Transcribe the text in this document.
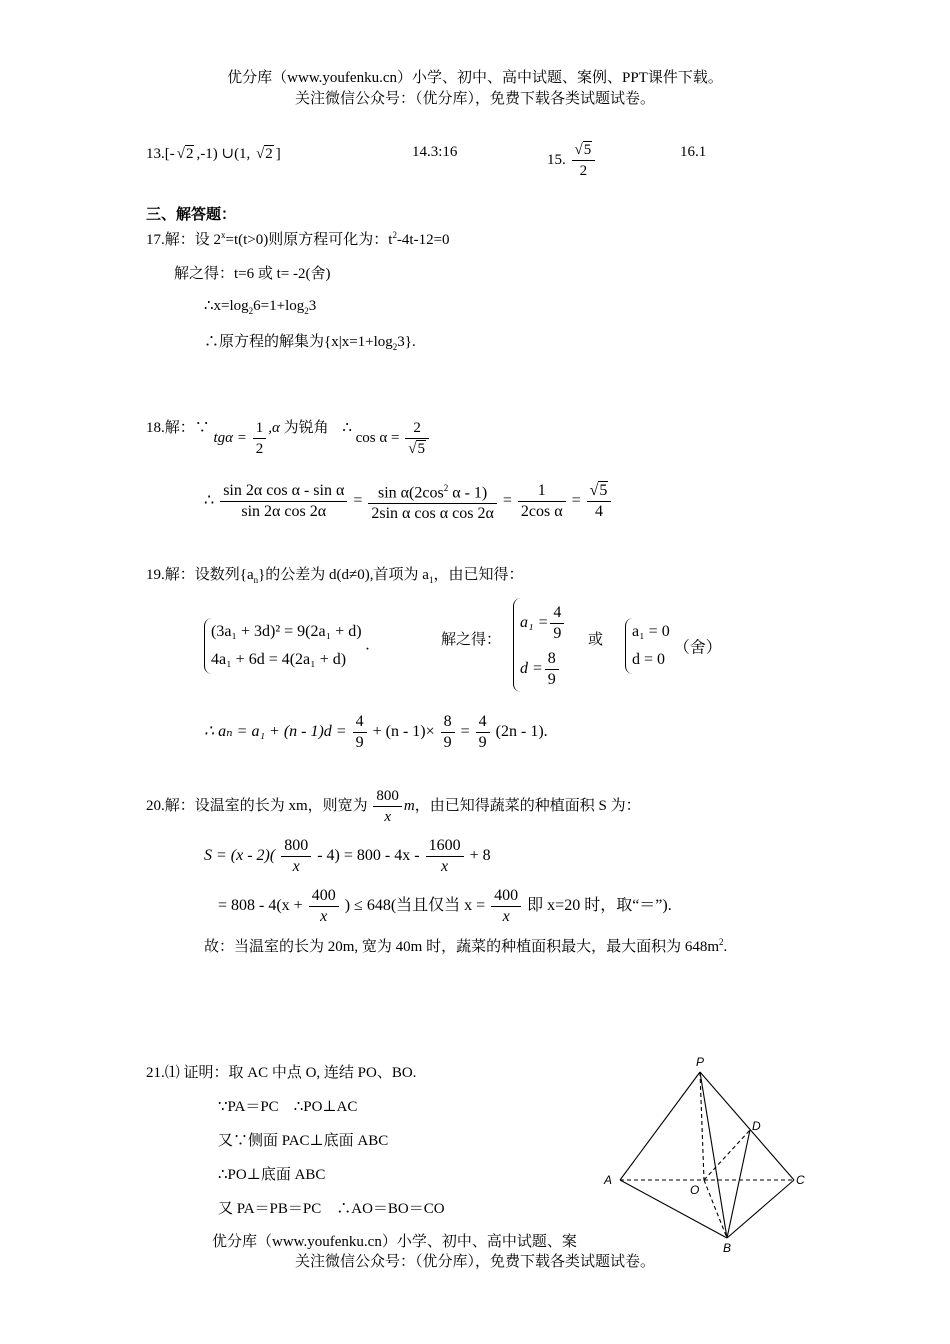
优分库（www.youfenku.cn）小学、初中、高中试题、案例、PPT课件下载。
关注微信公众号：（优分库），免费下载各类试题试卷。
13.[- √2 ,-1) ∪(1, √2 ]	14.3:16	15. $\frac{√5}{2}$	16.1
三、解答题：
17.解：设 $2^x=t(t>0)$则原方程可化为：$t^2-4t-12=0$
解之得：t=6 或 t= -2(舍)
$\therefore x=\log_26=1+\log_23$
∴原方程的解集为$\{x|x=1+\log_23\}$.
18.解：∵ $tg\alpha = \frac{1}{2} ,\alpha$ 为锐角 ∴ $\cos \alpha = \frac{2}{√5}$
∴ $\frac{\text{sin 2α cos α - sin α}}{\text{sin 2α cos 2α}} = \frac{\sin \alpha(2\cos^2 \alpha - 1)}{\text{2sin α cos α cos 2α}} = \frac{1}{\text{2cos α}} = \frac{√5}{4}$
19.解：设数列$\{a_n\}$的公差为 d(d≠0),首项为 $a_1$，由已知得：
(3a₁ + 3d)² = 9(2a₁ + d)
4a₁ + 6d = 4(2a₁ + d)
.	解之得：
$a_1 = \frac{4}{9}$
$d = \frac{8}{9}$
或 a₁ = 0
d = 0
（舍）
∴ $a_n = a_1 + (n - 1)d = \frac{4}{9} + (n - 1)\times \frac{8}{9} = \frac{4}{9} (2n - 1)$.
20.解：设温室的长为 xm，则宽为 $\frac{800}{x}$ m，由已知得蔬菜的种植面积 S 为：
$S = (x - 2)( \frac{800}{x} - 4) = 800 - 4x - \frac{1600}{x} + 8$
= $808 - 4(x + \frac{400}{x}$ ) ≤ 648(当且仅当 $x = \frac{400}{x}$ 即 x=20 时，取“＝”).
故：当温室的长为 20m, 宽为 40m 时，蔬菜的种植面积最大，最大面积为 $648m^2$.
21.⑴ 证明：取 AC 中点 O, 连结 PO、BO.
∵PA＝PC　∴PO⊥AC
又∵侧面 PAC⊥底面 ABC
∴PO⊥底面 ABC
又 PA＝PB＝PC　∴AO＝BO＝CO
P
A
B
C
D
O
优分库（www.youfenku.cn）小学、初中、高中试题、案
关注微信公众号：（优分库），免费下载各类试题试卷。
